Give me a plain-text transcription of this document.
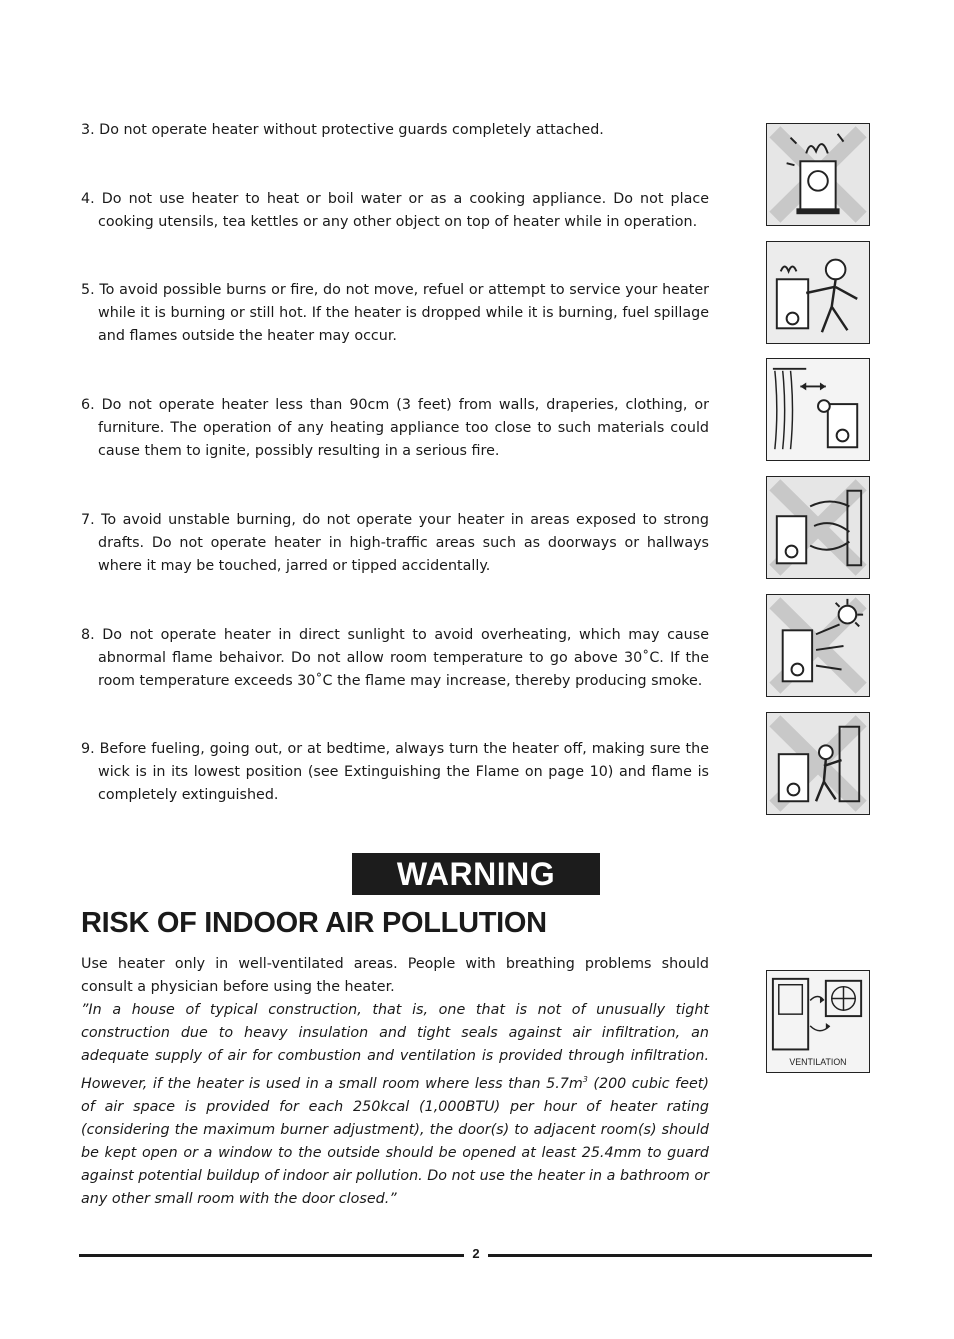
3. Do not operate heater without protective guards completely attached.
4. Do not use heater to heat or boil water or as a cooking appliance. Do not place cooking utensils, tea kettles or any other object on top of heater while in operation.
5. To avoid possible burns or fire, do not move, refuel or attempt to service your heater while it is burning or still hot. If the heater is dropped while it is burning, fuel spillage and flames outside the heater may occur.
6. Do not operate heater less than 90cm (3 feet) from walls, draperies, clothing, or furniture. The operation of any heating appliance too close to such materials could cause them to ignite, possibly resulting in a serious fire.
7. To avoid unstable burning, do not operate your heater in areas exposed to strong drafts. Do not operate heater in high-traffic areas such as doorways or hallways where it may be touched, jarred or tipped accidentally.
8. Do not operate heater in direct sunlight to avoid overheating, which may cause abnormal flame behaivor. Do not allow room temperature to go above 30˚C. If the room temperature exceeds 30˚C the flame may increase, thereby producing smoke.
9. Before fueling, going out, or at bedtime, always turn the heater off, making sure the wick is in its lowest position (see Extinguishing the Flame on page 10) and flame is completely extinguished.
WARNING
RISK OF INDOOR AIR POLLUTION
Use heater only in well-ventilated areas. People with breathing problems should consult a physician before using the heater.
”In a house of typical construction, that is, one that is not of unusually tight construction due to heavy insulation and tight seals against air infiltration, an adequate supply of air for combustion and ventilation is provided through infiltration. However, if the heater is used in a small room where less than $5.7m^3$ (200 cubic feet) of air space is provided for each 250kcal (1,000BTU) per hour of heater rating (considering the maximum burner adjustment), the door(s) to adjacent room(s) should be kept open or a window to the outside should be opened at least 25.4mm to guard against potential buildup of indoor air pollution. Do not use the heater in a bathroom or any other small room with the door closed.”
VENTILATION
2
